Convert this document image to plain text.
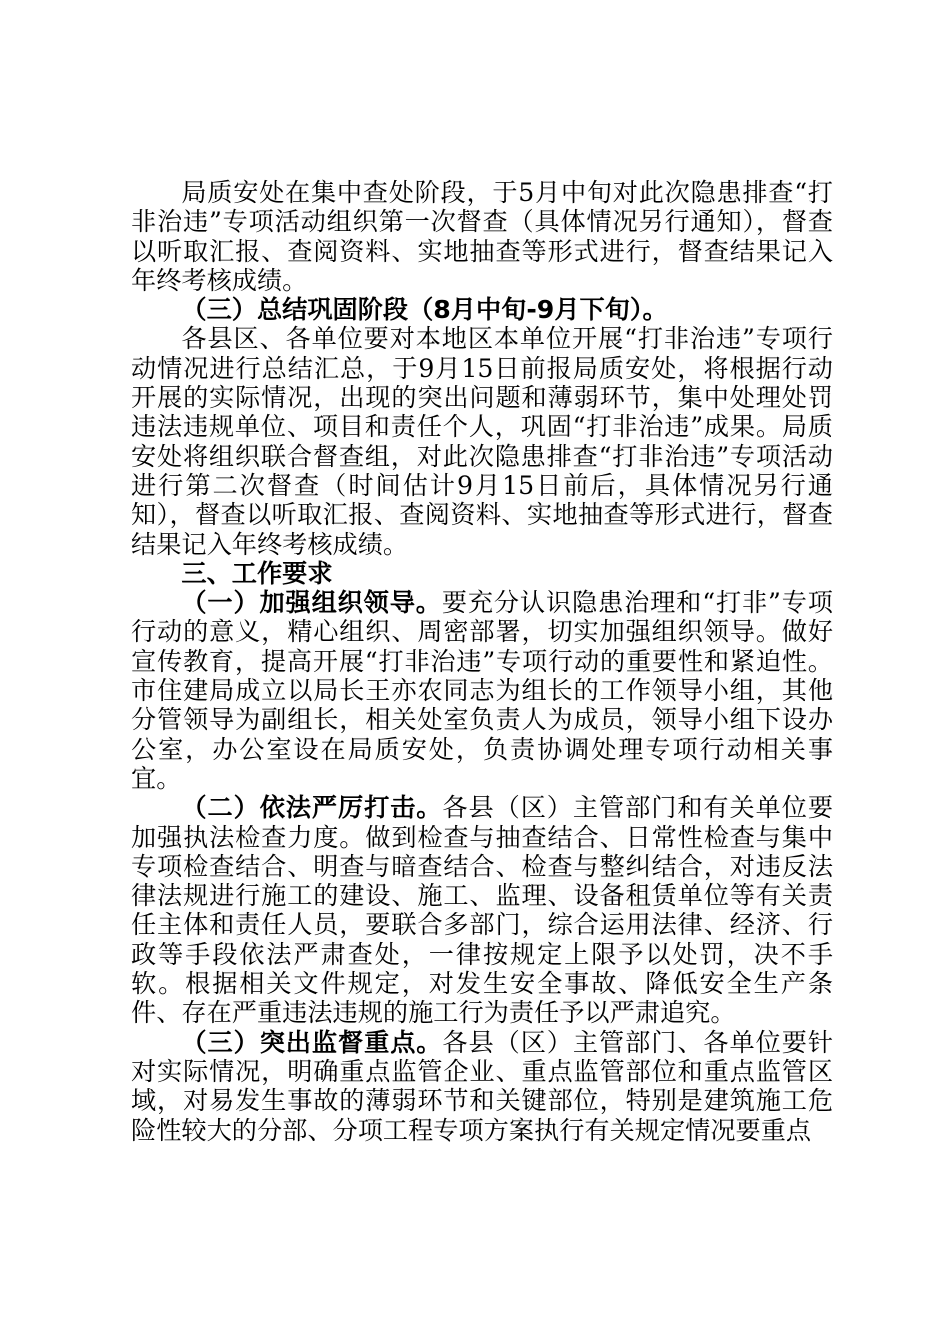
局质安处在集中查处阶段，于5月中旬对此次隐患排查“打非治违”专项活动组织第一次督查（具体情况另行通知），督查以听取汇报、查阅资料、实地抽查等形式进行，督查结果记入年终考核成绩。

（三）总结巩固阶段（8月中旬-9月下旬）。

各县区、各单位要对本地区本单位开展“打非治违”专项行动情况进行总结汇总，于9月15日前报局质安处，将根据行动开展的实际情况，出现的突出问题和薄弱环节，集中处理处罚违法违规单位、项目和责任个人，巩固“打非治违”成果。局质安处将组织联合督查组，对此次隐患排查“打非治违”专项活动进行第二次督查（时间估计9月15日前后，具体情况另行通知），督查以听取汇报、查阅资料、实地抽查等形式进行，督查结果记入年终考核成绩。

三、工作要求

（一）加强组织领导。要充分认识隐患治理和“打非”专项行动的意义，精心组织、周密部署，切实加强组织领导。做好宣传教育，提高开展“打非治违”专项行动的重要性和紧迫性。市住建局成立以局长王亦农同志为组长的工作领导小组，其他分管领导为副组长，相关处室负责人为成员，领导小组下设办公室，办公室设在局质安处，负责协调处理专项行动相关事宜。

（二）依法严厉打击。各县（区）主管部门和有关单位要加强执法检查力度。做到检查与抽查结合、日常性检查与集中专项检查结合、明查与暗查结合、检查与整纠结合，对违反法律法规进行施工的建设、施工、监理、设备租赁单位等有关责任主体和责任人员，要联合多部门，综合运用法律、经济、行政等手段依法严肃查处，一律按规定上限予以处罚，决不手软。根据相关文件规定，对发生安全事故、降低安全生产条件、存在严重违法违规的施工行为责任予以严肃追究。

（三）突出监督重点。各县（区）主管部门、各单位要针对实际情况，明确重点监管企业、重点监管部位和重点监管区域，对易发生事故的薄弱环节和关键部位，特别是建筑施工危险性较大的分部、分项工程专项方案执行有关规定情况要重点
